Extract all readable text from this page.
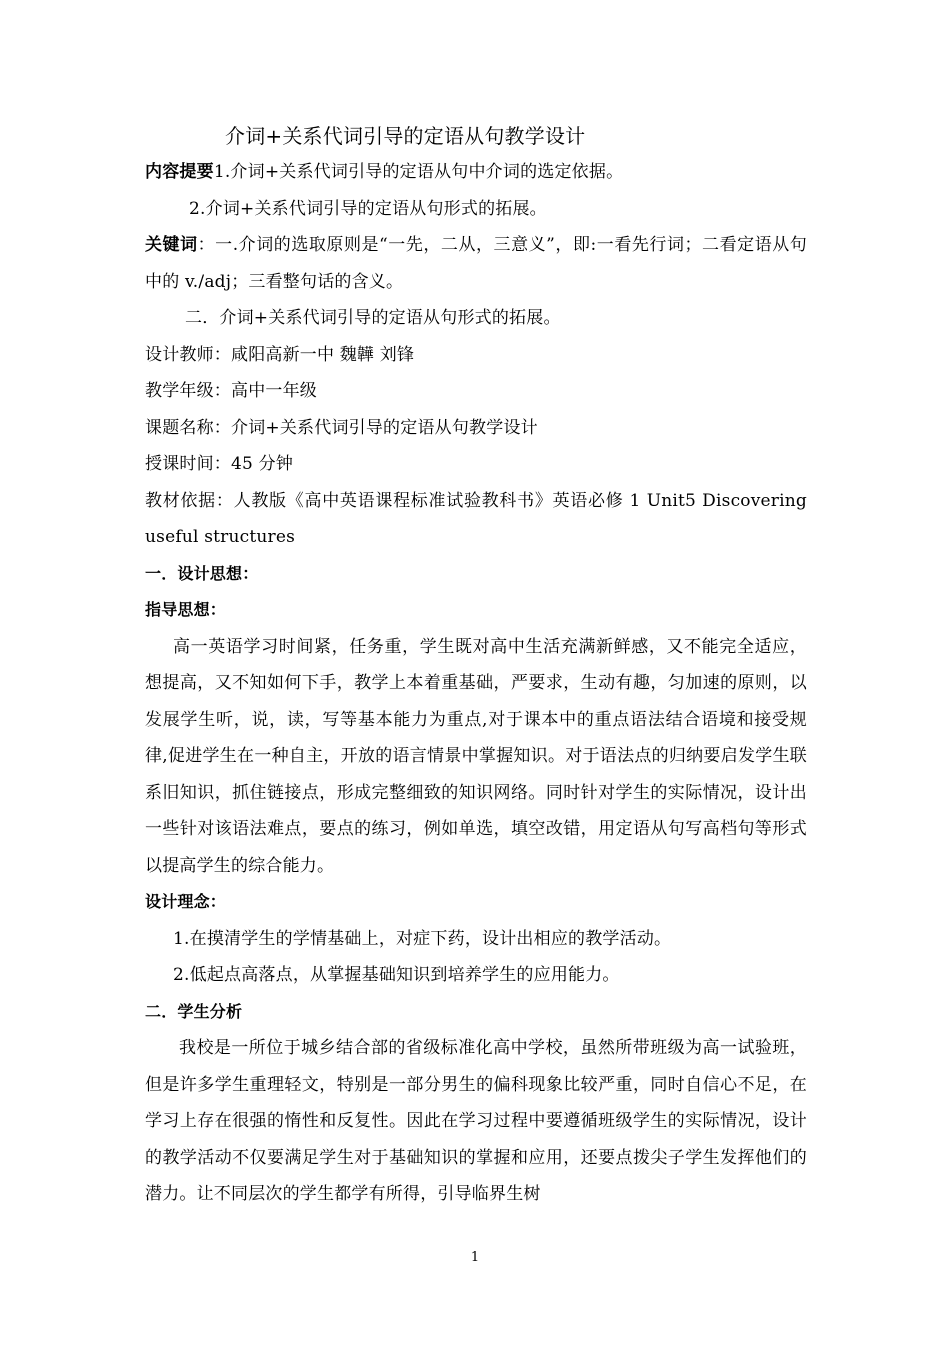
介词+关系代词引导的定语从句教学设计

内容提要1.介词+关系代词引导的定语从句中介词的选定依据。

2.介词+关系代词引导的定语从句形式的拓展。

关键词：一.介词的选取原则是“一先，二从，三意义”，即:一看先行词；二看定语从句中的 v./adj；三看整句话的含义。

二．介词+关系代词引导的定语从句形式的拓展。

设计教师：咸阳高新一中 魏韡 刘锋

教学年级：高中一年级

课题名称：介词+关系代词引导的定语从句教学设计

授课时间：45 分钟

教材依据：人教版《高中英语课程标准试验教科书》英语必修 1 Unit5 Discovering useful structures

一．设计思想：

指导思想：

高一英语学习时间紧，任务重，学生既对高中生活充满新鲜感，又不能完全适应，想提高，又不知如何下手，教学上本着重基础，严要求，生动有趣，匀加速的原则，以发展学生听，说，读，写等基本能力为重点,对于课本中的重点语法结合语境和接受规律,促进学生在一种自主，开放的语言情景中掌握知识。对于语法点的归纳要启发学生联系旧知识，抓住链接点，形成完整细致的知识网络。同时针对学生的实际情况，设计出一些针对该语法难点，要点的练习，例如单选，填空改错，用定语从句写高档句等形式以提高学生的综合能力。

设计理念：

1.在摸清学生的学情基础上，对症下药，设计出相应的教学活动。

2.低起点高落点，从掌握基础知识到培养学生的应用能力。

二．学生分析

我校是一所位于城乡结合部的省级标准化高中学校，虽然所带班级为高一试验班，但是许多学生重理轻文，特别是一部分男生的偏科现象比较严重，同时自信心不足，在学习上存在很强的惰性和反复性。因此在学习过程中要遵循班级学生的实际情况，设计的教学活动不仅要满足学生对于基础知识的掌握和应用，还要点拨尖子学生发挥他们的潜力。让不同层次的学生都学有所得，引导临界生树

1
